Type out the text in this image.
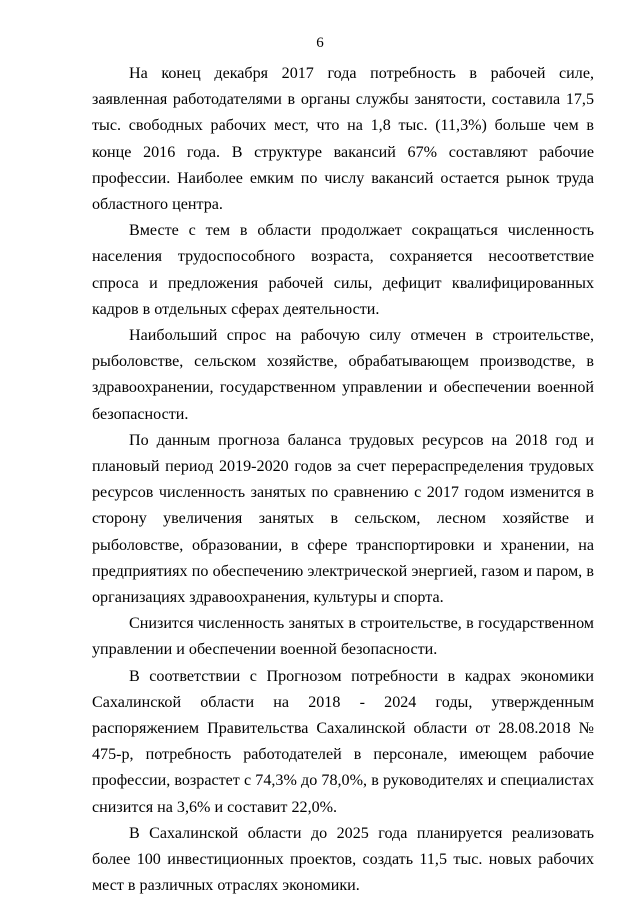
6

На конец декабря 2017 года потребность в рабочей силе, заявленная работодателями в органы службы занятости, составила 17,5 тыс. свободных рабочих мест, что на 1,8 тыс. (11,3%) больше чем в конце 2016 года. В структуре вакансий 67% составляют рабочие профессии. Наиболее емким по числу вакансий остается рынок труда областного центра.

Вместе с тем в области продолжает сокращаться численность населения трудоспособного возраста, сохраняется несоответствие спроса и предложения рабочей силы, дефицит квалифицированных кадров в отдельных сферах деятельности.

Наибольший спрос на рабочую силу отмечен в строительстве, рыболовстве, сельском хозяйстве, обрабатывающем производстве, в здравоохранении, государственном управлении и обеспечении военной безопасности.

По данным прогноза баланса трудовых ресурсов на 2018 год и плановый период 2019-2020 годов за счет перераспределения трудовых ресурсов численность занятых по сравнению с 2017 годом изменится в сторону увеличения занятых в сельском, лесном хозяйстве и рыболовстве, образовании, в сфере транспортировки и хранении, на предприятиях по обеспечению электрической энергией, газом и паром, в организациях здравоохранения, культуры и спорта.

Снизится численность занятых в строительстве, в государственном управлении и обеспечении военной безопасности.

В соответствии с Прогнозом потребности в кадрах экономики Сахалинской области на 2018 - 2024 годы, утвержденным распоряжением Правительства Сахалинской области от 28.08.2018 № 475-р, потребность работодателей в персонале, имеющем рабочие профессии, возрастет с 74,3% до 78,0%, в руководителях и специалистах снизится на 3,6% и составит 22,0%.

В Сахалинской области до 2025 года планируется реализовать более 100 инвестиционных проектов, создать 11,5 тыс. новых рабочих мест в различных отраслях экономики.
